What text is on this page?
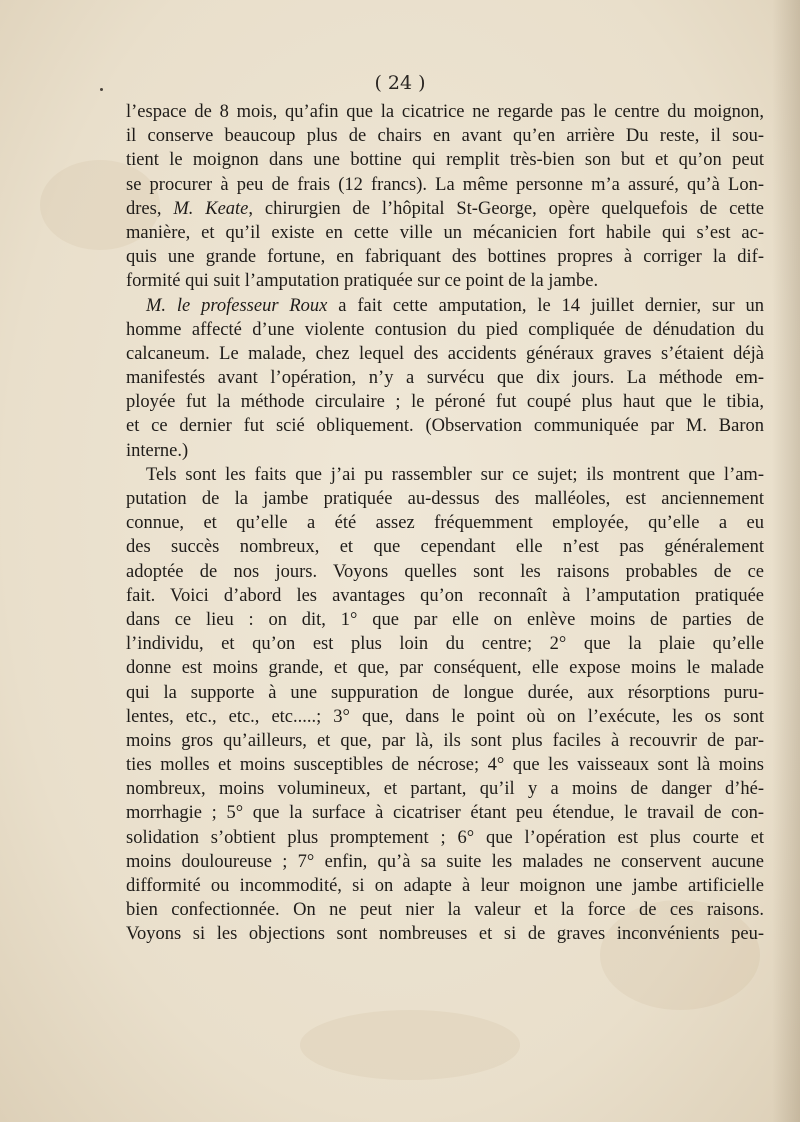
( 24 )
l’espace de 8 mois, qu’afin que la cicatrice ne regarde pas le centre du moignon,
il conserve beaucoup plus de chairs en avant qu’en arrière Du reste, il sou-
tient le moignon dans une bottine qui remplit très-bien son but et qu’on peut
se procurer à peu de frais (12 francs). La même personne m’a assuré, qu’à Lon-
dres, M. Keate, chirurgien de l’hôpital St-George, opère quelquefois de cette
manière, et qu’il existe en cette ville un mécanicien fort habile qui s’est ac-
quis une grande fortune, en fabriquant des bottines propres à corriger la dif-
formité qui suit l’amputation pratiquée sur ce point de la jambe.
M. le professeur Roux a fait cette amputation, le 14 juillet dernier, sur un
homme affecté d’une violente contusion du pied compliquée de dénudation du
calcaneum. Le malade, chez lequel des accidents généraux graves s’étaient déjà
manifestés avant l’opération, n’y a survécu que dix jours. La méthode em-
ployée fut la méthode circulaire ; le péroné fut coupé plus haut que le tibia,
et ce dernier fut scié obliquement. (Observation communiquée par M. Baron
interne.)
Tels sont les faits que j’ai pu rassembler sur ce sujet; ils montrent que l’am-
putation de la jambe pratiquée au-dessus des malléoles, est anciennement
connue, et qu’elle a été assez fréquemment employée, qu’elle a eu
des succès nombreux, et que cependant elle n’est pas généralement
adoptée de nos jours. Voyons quelles sont les raisons probables de ce
fait. Voici d’abord les avantages qu’on reconnaît à l’amputation pratiquée
dans ce lieu : on dit, 1° que par elle on enlève moins de parties de
l’individu, et qu’on est plus loin du centre; 2° que la plaie qu’elle
donne est moins grande, et que, par conséquent, elle expose moins le malade
qui la supporte à une suppuration de longue durée, aux résorptions puru-
lentes, etc., etc., etc.....; 3° que, dans le point où on l’exécute, les os sont
moins gros qu’ailleurs, et que, par là, ils sont plus faciles à recouvrir de par-
ties molles et moins susceptibles de nécrose; 4° que les vaisseaux sont là moins
nombreux, moins volumineux, et partant, qu’il y a moins de danger d’hé-
morrhagie ; 5° que la surface à cicatriser étant peu étendue, le travail de con-
solidation s’obtient plus promptement ; 6° que l’opération est plus courte et
moins douloureuse ; 7° enfin, qu’à sa suite les malades ne conservent aucune
difformité ou incommodité, si on adapte à leur moignon une jambe artificielle
bien confectionnée. On ne peut nier la valeur et la force de ces raisons.
Voyons si les objections sont nombreuses et si de graves inconvénients peu-
